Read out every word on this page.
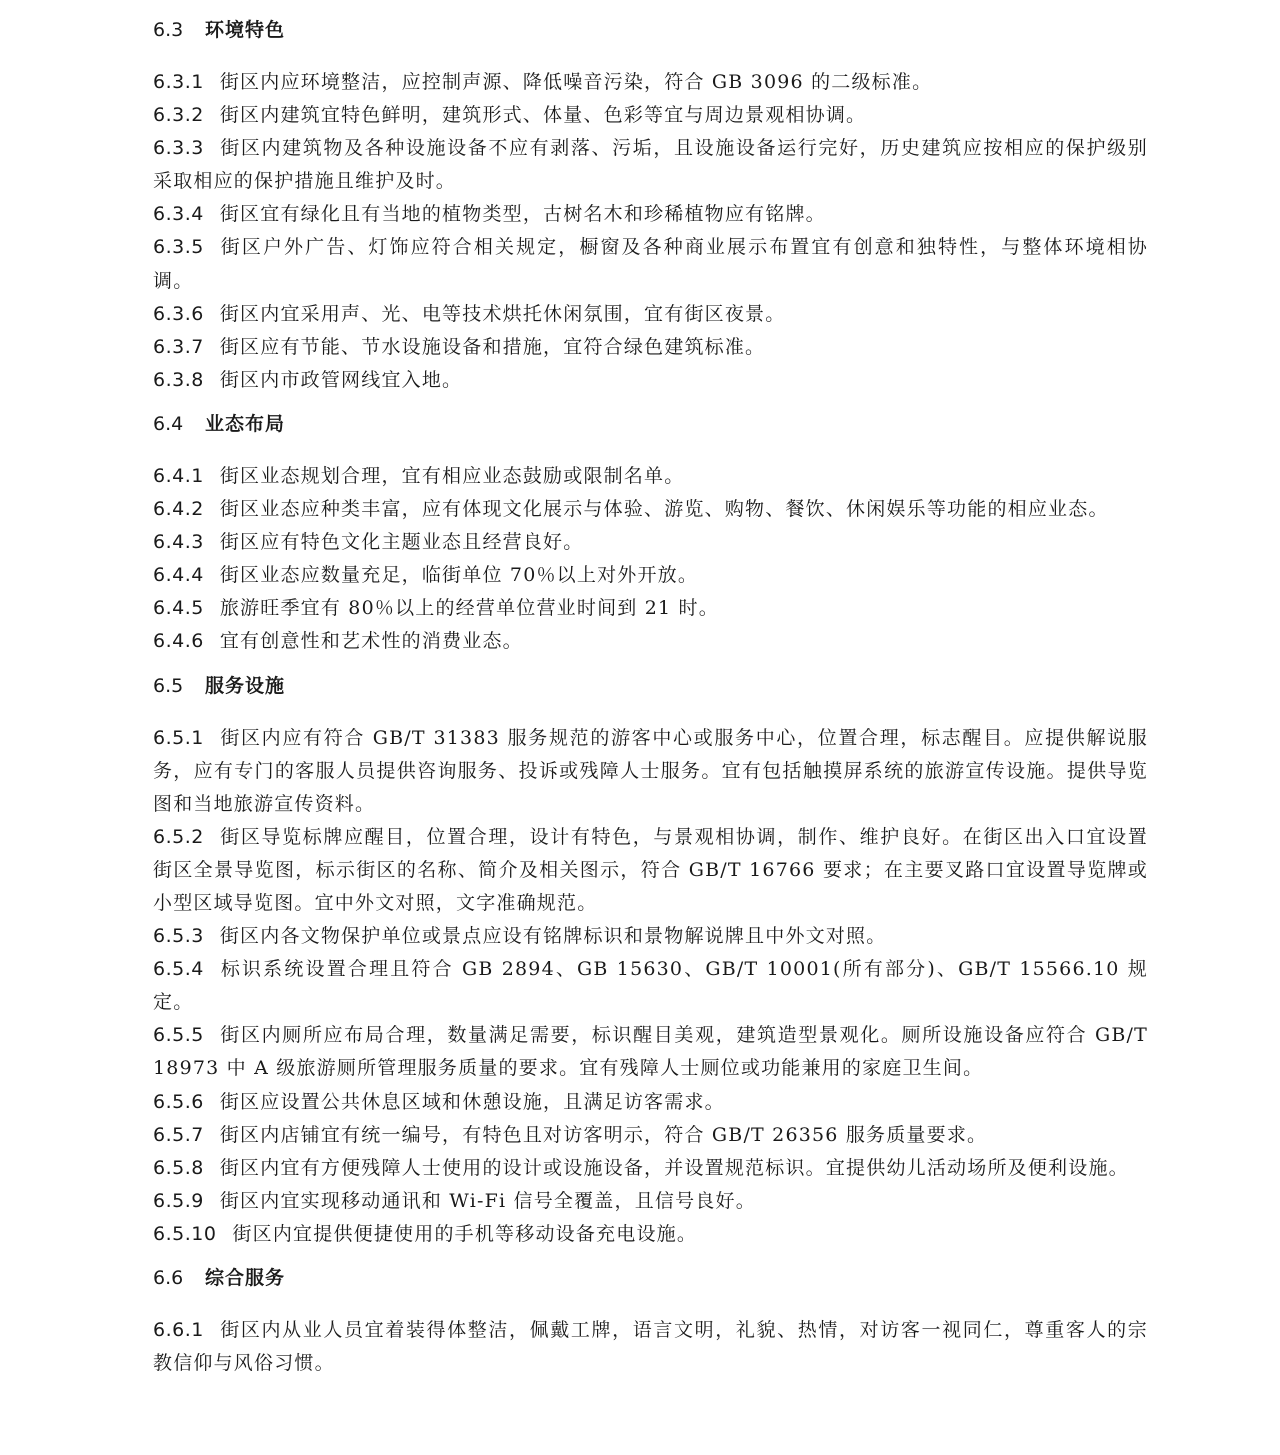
6.3 环境特色
6.3.1 街区内应环境整洁，应控制声源、降低噪音污染，符合 GB 3096 的二级标准。
6.3.2 街区内建筑宜特色鲜明，建筑形式、体量、色彩等宜与周边景观相协调。
6.3.3 街区内建筑物及各种设施设备不应有剥落、污垢，且设施设备运行完好，历史建筑应按相应的保护级别采取相应的保护措施且维护及时。
6.3.4 街区宜有绿化且有当地的植物类型，古树名木和珍稀植物应有铭牌。
6.3.5 街区户外广告、灯饰应符合相关规定，橱窗及各种商业展示布置宜有创意和独特性，与整体环境相协调。
6.3.6 街区内宜采用声、光、电等技术烘托休闲氛围，宜有街区夜景。
6.3.7 街区应有节能、节水设施设备和措施，宜符合绿色建筑标准。
6.3.8 街区内市政管网线宜入地。
6.4 业态布局
6.4.1 街区业态规划合理，宜有相应业态鼓励或限制名单。
6.4.2 街区业态应种类丰富，应有体现文化展示与体验、游览、购物、餐饮、休闲娱乐等功能的相应业态。
6.4.3 街区应有特色文化主题业态且经营良好。
6.4.4 街区业态应数量充足，临街单位 70％以上对外开放。
6.4.5 旅游旺季宜有 80％以上的经营单位营业时间到 21 时。
6.4.6 宜有创意性和艺术性的消费业态。
6.5 服务设施
6.5.1 街区内应有符合 GB/T 31383 服务规范的游客中心或服务中心，位置合理，标志醒目。应提供解说服务，应有专门的客服人员提供咨询服务、投诉或残障人士服务。宜有包括触摸屏系统的旅游宣传设施。提供导览图和当地旅游宣传资料。
6.5.2 街区导览标牌应醒目，位置合理，设计有特色，与景观相协调，制作、维护良好。在街区出入口宜设置街区全景导览图，标示街区的名称、简介及相关图示，符合 GB/T 16766 要求；在主要叉路口宜设置导览牌或小型区域导览图。宜中外文对照，文字准确规范。
6.5.3 街区内各文物保护单位或景点应设有铭牌标识和景物解说牌且中外文对照。
6.5.4 标识系统设置合理且符合 GB 2894、GB 15630、GB/T 10001(所有部分)、GB/T 15566.10 规定。
6.5.5 街区内厕所应布局合理，数量满足需要，标识醒目美观，建筑造型景观化。厕所设施设备应符合 GB/T 18973 中 A 级旅游厕所管理服务质量的要求。宜有残障人士厕位或功能兼用的家庭卫生间。
6.5.6 街区应设置公共休息区域和休憩设施，且满足访客需求。
6.5.7 街区内店铺宜有统一编号，有特色且对访客明示，符合 GB/T 26356 服务质量要求。
6.5.8 街区内宜有方便残障人士使用的设计或设施设备，并设置规范标识。宜提供幼儿活动场所及便利设施。
6.5.9 街区内宜实现移动通讯和 Wi-Fi 信号全覆盖，且信号良好。
6.5.10 街区内宜提供便捷使用的手机等移动设备充电设施。
6.6 综合服务
6.6.1 街区内从业人员宜着装得体整洁，佩戴工牌，语言文明，礼貌、热情，对访客一视同仁，尊重客人的宗教信仰与风俗习惯。
